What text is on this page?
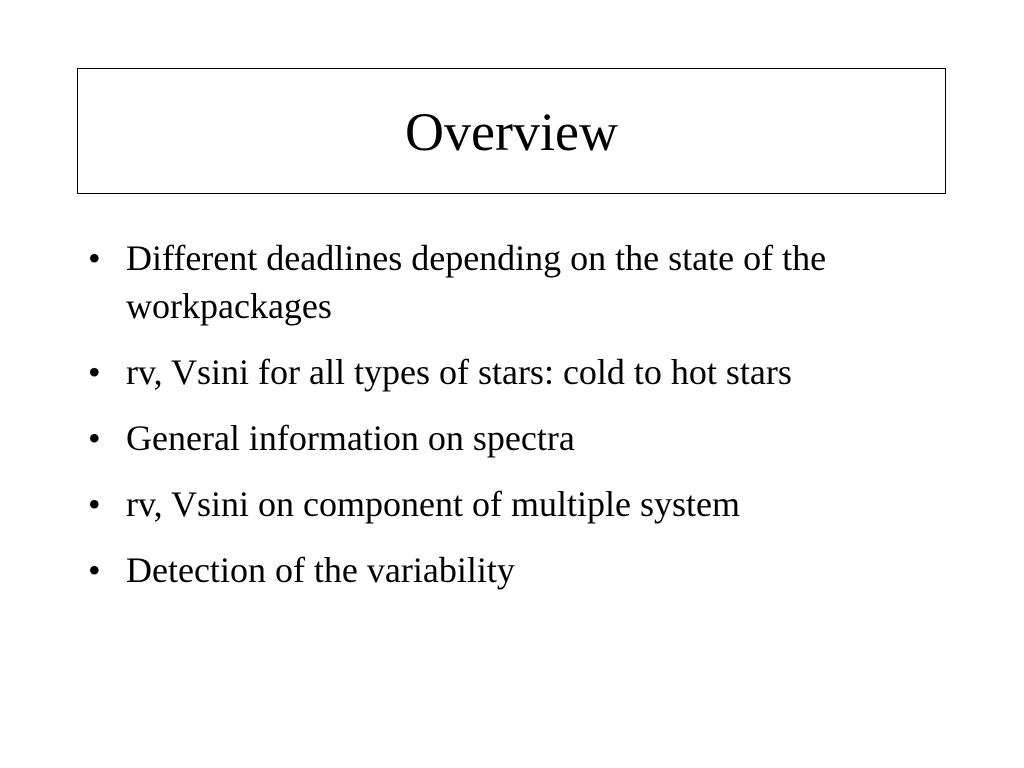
Overview
• Different deadlines depending on the state of the workpackages
• rv, Vsini for all types of stars: cold to hot stars
• General information on spectra
• rv, Vsini on component of multiple system
• Detection of the variability
